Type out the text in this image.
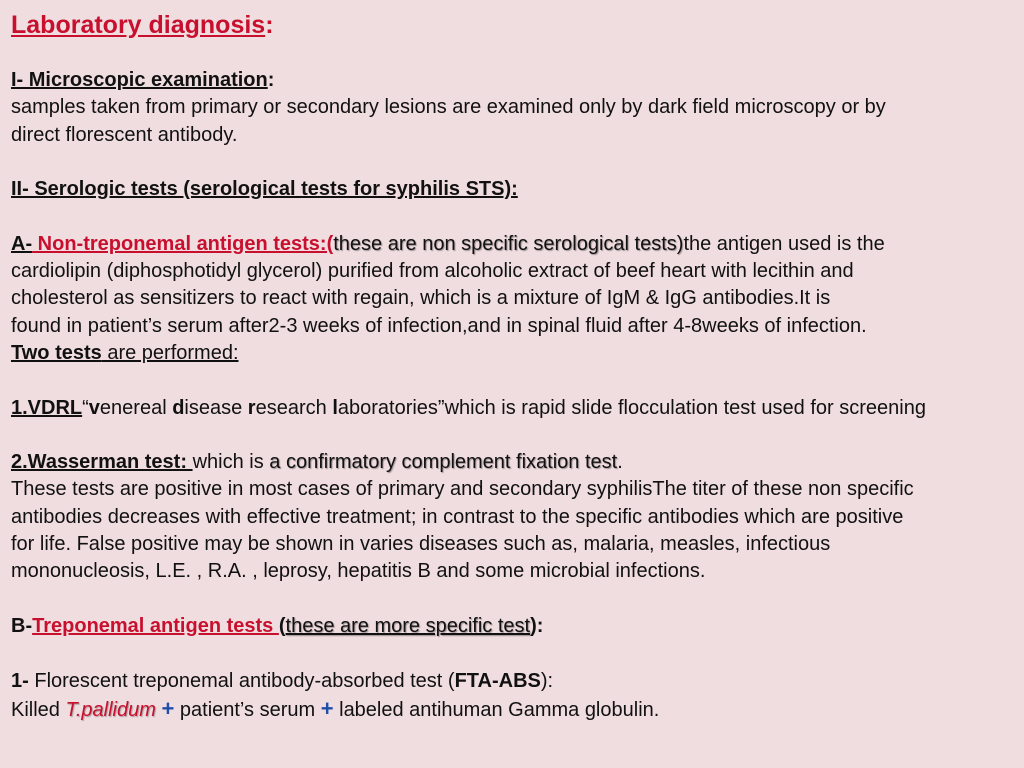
Laboratory diagnosis:
I- Microscopic examination:
samples taken from primary or secondary lesions are examined only by dark field microscopy or by
direct florescent antibody.
II- Serologic tests (serological tests for syphilis STS):
A- Non-treponemal antigen tests:(these are non specific serological tests)the antigen used is the
cardiolipin (diphosphotidyl glycerol) purified from alcoholic extract of beef heart with lecithin and
cholesterol as sensitizers to react with regain, which is a mixture of IgM & IgG antibodies.It is
found in patient’s serum after2-3 weeks of infection,and in spinal fluid after 4-8weeks of infection.
Two tests are performed:
1.VDRL“venereal disease research laboratories”which is rapid slide flocculation test used for screening
2.Wasserman test: which is a confirmatory complement fixation test.
These tests are positive in most cases of primary and secondary syphilisThe titer of these non specific
antibodies decreases with effective treatment; in contrast to the specific antibodies which are positive
for life. False positive may be shown in varies diseases such as, malaria, measles, infectious
mononucleosis, L.E. , R.A. , leprosy, hepatitis B and some microbial infections.
B-Treponemal antigen tests (these are more specific test):
1- Florescent treponemal antibody-absorbed test (FTA-ABS):
Killed T.pallidum + patient’s serum + labeled antihuman Gamma globulin.
